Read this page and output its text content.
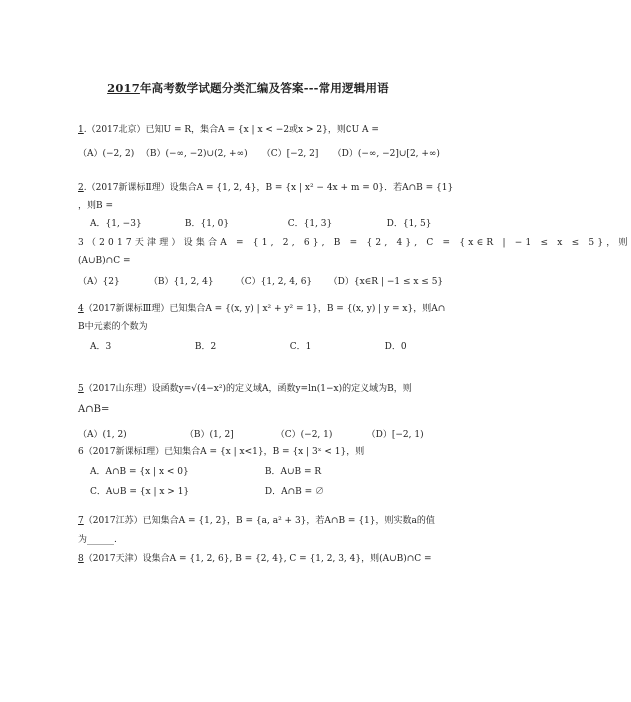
2017年高考数学试题分类汇编及答案---常用逻辑用语
1.（2017北京）已知U = R，集合A = {x | x < −2或x > 2}，则∁U A =
（A）(−2, 2) （B）(−∞, −2)∪(2, +∞) （C）[−2, 2] （D）(−∞, −2]∪[2, +∞)
2.（2017新课标Ⅱ理）设集合A = {1, 2, 4}，B = {x | x² − 4x + m = 0}．若A∩B = {1}
，则B =
A．{1, −3}	B．{1, 0}	C．{1, 3}	D．{1, 5}
3（2017天津理）设集合A = {1, 2, 6}, B = {2, 4}, C = {x∈R | −1 ≤ x ≤ 5}，则
(A∪B)∩C =
（A）{2}	（B）{1, 2, 4} （C）{1, 2, 4, 6} （D）{x∈R | −1 ≤ x ≤ 5}
4（2017新课标Ⅲ理）已知集合A = {(x, y) | x² + y² = 1}，B = {(x, y) | y = x}，则A∩
B中元素的个数为
A．3	B．2	C．1	D．0
5（2017山东理）设函数y=√(4−x²)的定义域A，函数y=ln(1−x)的定义域为B，则
A∩B=
（A）(1, 2)	（B）(1, 2]	（C）(−2, 1)	（D）[−2, 1)
6（2017新课标Ⅰ理）已知集合A = {x | x<1}，B = {x | 3ˣ < 1}，则
A．A∩B = {x | x < 0}	B．A∪B = R
C．A∪B = {x | x > 1}	D．A∩B = ∅
7（2017江苏）已知集合A = {1, 2}，B = {a, a² + 3}，若A∩B = {1}，则实数a的值
为______.
8（2017天津）设集合A = {1, 2, 6}, B = {2, 4}, C = {1, 2, 3, 4}，则(A∪B)∩C =
